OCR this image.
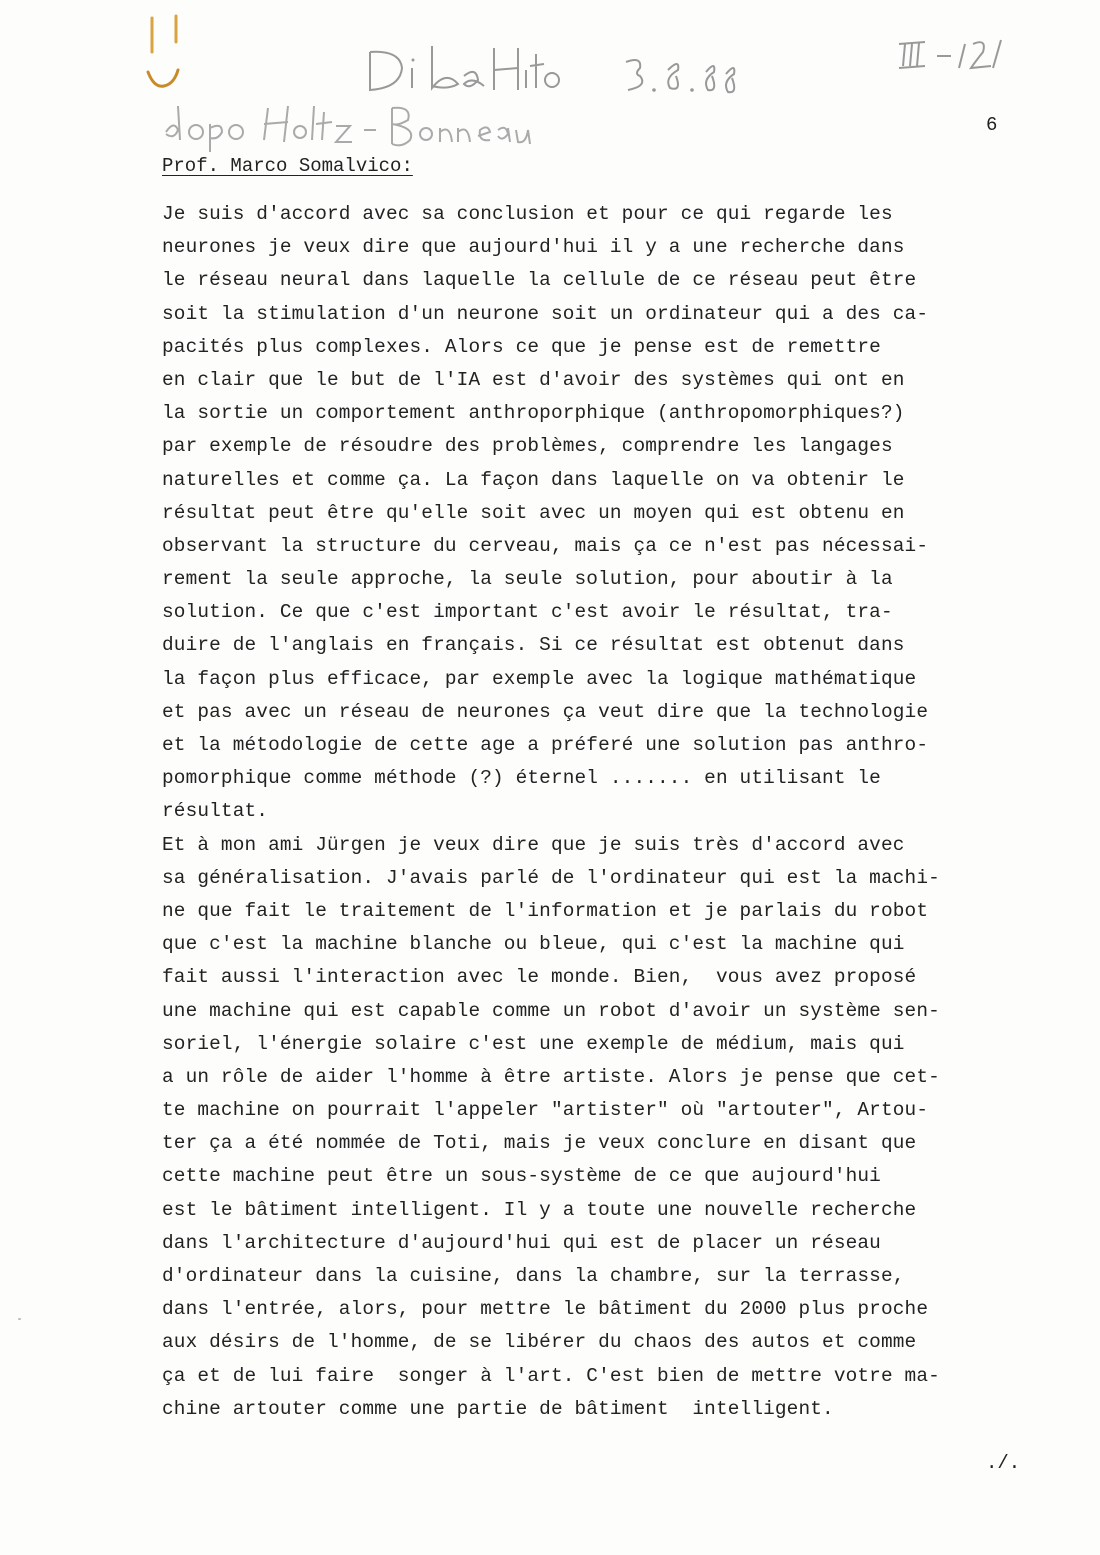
6
Prof. Marco Somalvico:
Je suis d'accord avec sa conclusion et pour ce qui regarde les
neurones je veux dire que aujourd'hui il y a une recherche dans
le réseau neural dans laquelle la cellule de ce réseau peut être
soit la stimulation d'un neurone soit un ordinateur qui a des ca-
pacités plus complexes. Alors ce que je pense est de remettre
en clair que le but de l'IA est d'avoir des systèmes qui ont en
la sortie un comportement anthroporphique (anthropomorphiques?)
par exemple de résoudre des problèmes, comprendre les langages
naturelles et comme ça. La façon dans laquelle on va obtenir le
résultat peut être qu'elle soit avec un moyen qui est obtenu en
observant la structure du cerveau, mais ça ce n'est pas nécessai-
rement la seule approche, la seule solution, pour aboutir à la
solution. Ce que c'est important c'est avoir le résultat, tra-
duire de l'anglais en français. Si ce résultat est obtenut dans
la façon plus efficace, par exemple avec la logique mathématique
et pas avec un réseau de neurones ça veut dire que la technologie
et la métodologie de cette age a préferé une solution pas anthro-
pomorphique comme méthode (?) éternel ....... en utilisant le
résultat.
Et à mon ami Jürgen je veux dire que je suis très d'accord avec
sa généralisation. J'avais parlé de l'ordinateur qui est la machi-
ne que fait le traitement de l'information et je parlais du robot
que c'est la machine blanche ou bleue, qui c'est la machine qui
fait aussi l'interaction avec le monde. Bien,  vous avez proposé
une machine qui est capable comme un robot d'avoir un système sen-
soriel, l'énergie solaire c'est une exemple de médium, mais qui
a un rôle de aider l'homme à être artiste. Alors je pense que cet-
te machine on pourrait l'appeler "artister" où "artouter", Artou-
ter ça a été nommée de Toti, mais je veux conclure en disant que
cette machine peut être un sous-système de ce que aujourd'hui
est le bâtiment intelligent. Il y a toute une nouvelle recherche
dans l'architecture d'aujourd'hui qui est de placer un réseau
d'ordinateur dans la cuisine, dans la chambre, sur la terrasse,
dans l'entrée, alors, pour mettre le bâtiment du 2000 plus proche
aux désirs de l'homme, de se libérer du chaos des autos et comme
ça et de lui faire  songer à l'art. C'est bien de mettre votre ma-
chine artouter comme une partie de bâtiment  intelligent.
./.
